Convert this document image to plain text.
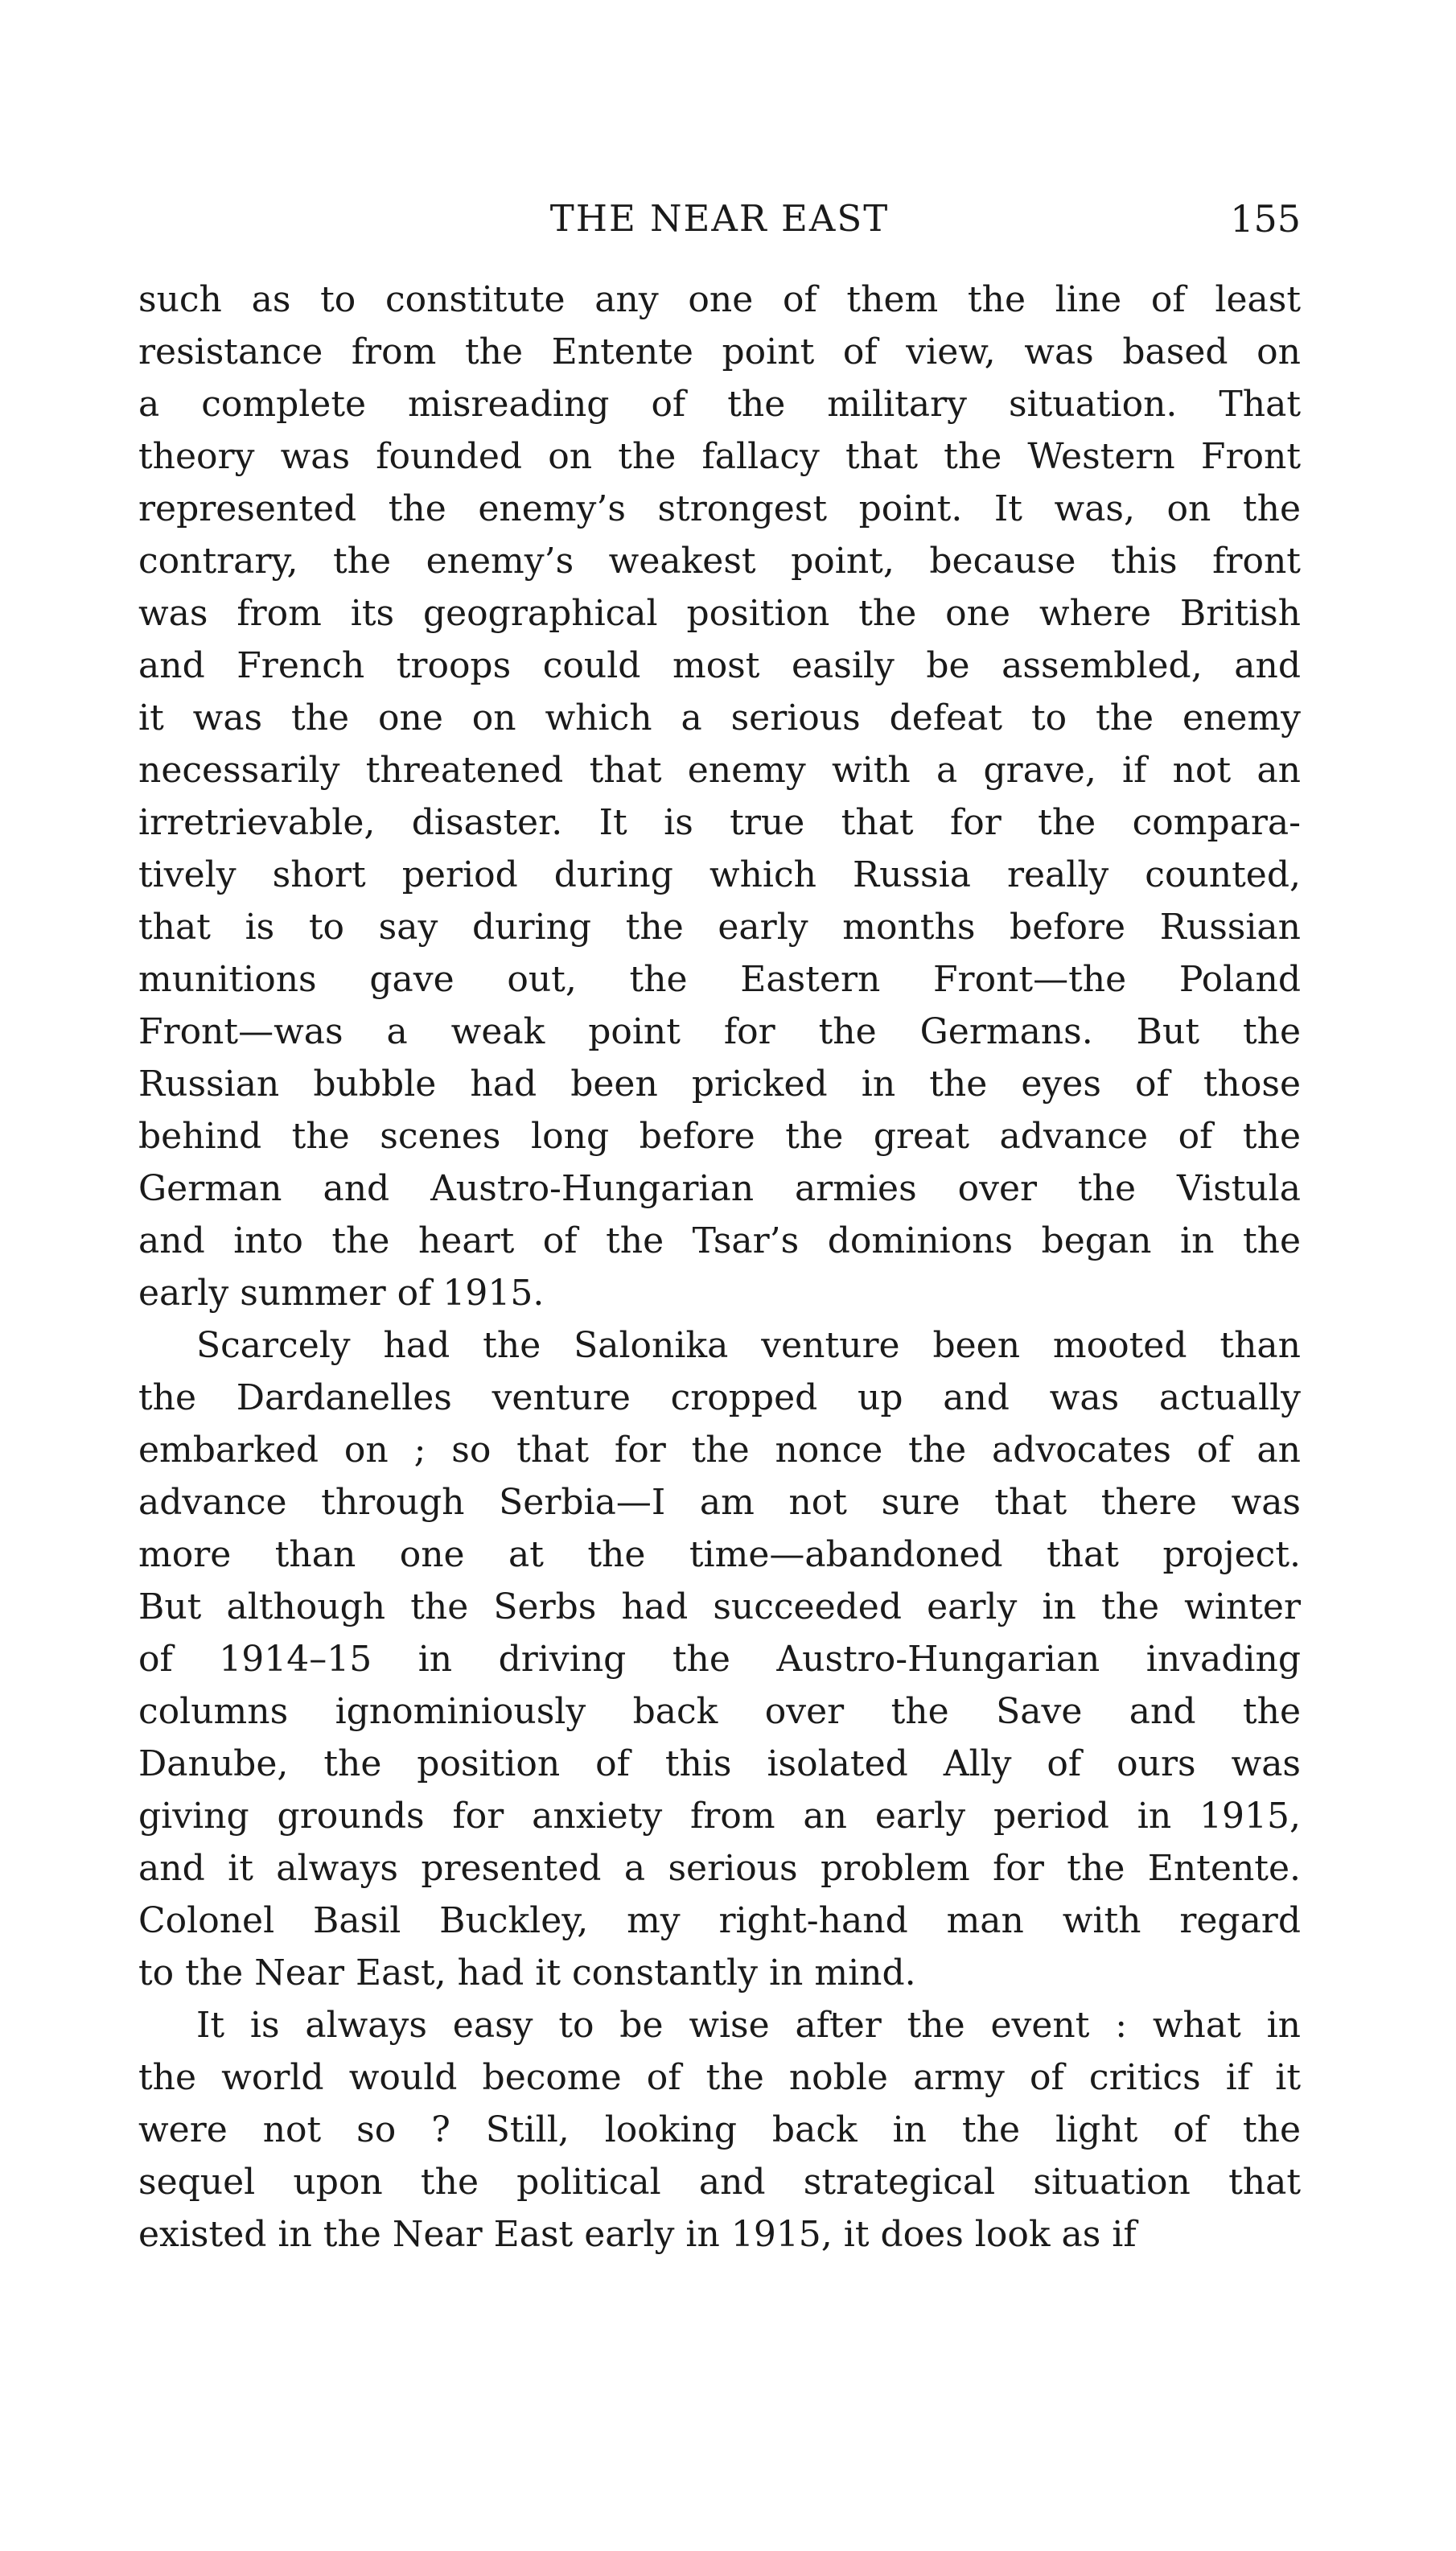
THE NEAR EAST	155
such as to constitute any one of them the line of least
resistance from the Entente point of view, was based on
a complete misreading of the military situation. That
theory was founded on the fallacy that the Western Front
represented the enemy’s strongest point. It was, on the
contrary, the enemy’s weakest point, because this front
was from its geographical position the one where British
and French troops could most easily be assembled, and
it was the one on which a serious defeat to the enemy
necessarily threatened that enemy with a grave, if not an
irretrievable, disaster. It is true that for the compara-
tively short period during which Russia really counted,
that is to say during the early months before Russian
munitions gave out, the Eastern Front—the Poland
Front—was a weak point for the Germans. But the
Russian bubble had been pricked in the eyes of those
behind the scenes long before the great advance of the
German and Austro-Hungarian armies over the Vistula
and into the heart of the Tsar’s dominions began in the
early summer of 1915.
Scarcely had the Salonika venture been mooted than
the Dardanelles venture cropped up and was actually
embarked on ; so that for the nonce the advocates of an
advance through Serbia—I am not sure that there was
more than one at the time—abandoned that project.
But although the Serbs had succeeded early in the winter
of 1914–15 in driving the Austro-Hungarian invading
columns ignominiously back over the Save and the
Danube, the position of this isolated Ally of ours was
giving grounds for anxiety from an early period in 1915,
and it always presented a serious problem for the Entente.
Colonel Basil Buckley, my right-hand man with regard
to the Near East, had it constantly in mind.
It is always easy to be wise after the event : what in
the world would become of the noble army of critics if it
were not so ? Still, looking back in the light of the
sequel upon the political and strategical situation that
existed in the Near East early in 1915, it does look as if
